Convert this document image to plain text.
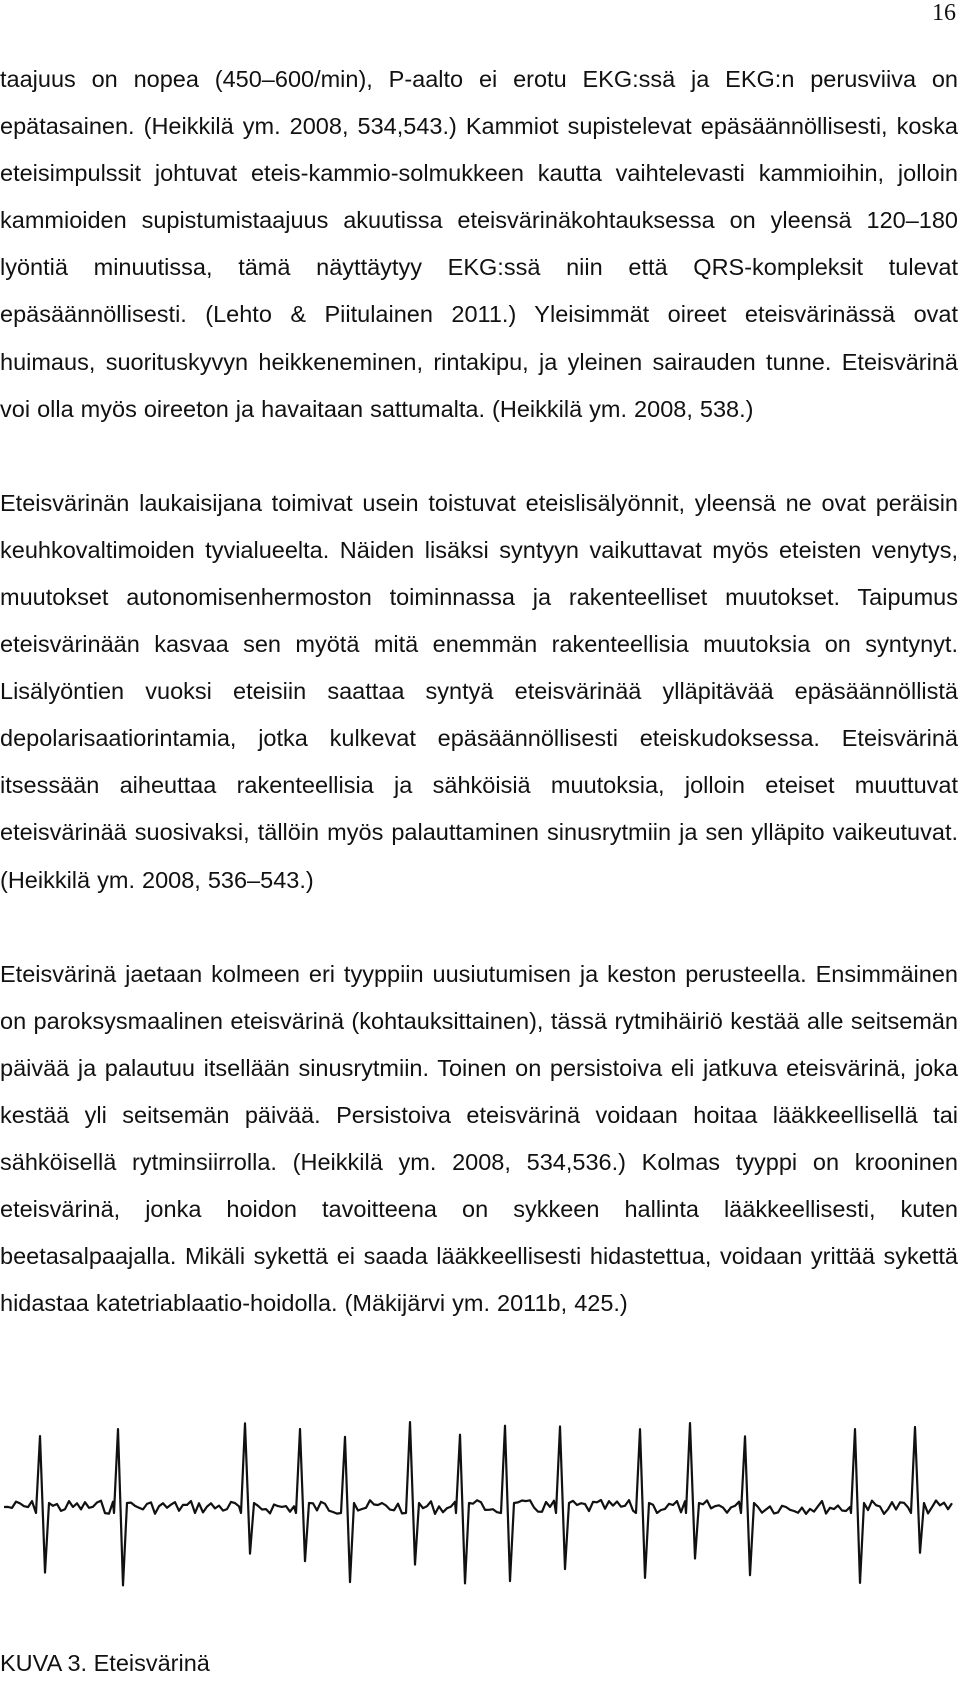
16

taajuus on nopea (450–600/min), P-aalto ei erotu EKG:ssä ja EKG:n perusviiva on epätasainen. (Heikkilä ym. 2008, 534,543.) Kammiot supistelevat epäsäännöllisesti, koska eteisimpulssit johtuvat eteis-kammio-solmukkeen kautta vaihtelevasti kammioihin, jolloin kammioiden supistumistaajuus akuutissa eteisvärinäkohtauksessa on yleensä 120–180 lyöntiä minuutissa, tämä näyttäytyy EKG:ssä niin että QRS-kompleksit tulevat epäsäännöllisesti. (Lehto & Piitulainen 2011.) Yleisimmät oireet eteisvärinässä ovat huimaus, suorituskyvyn heikkeneminen, rintakipu, ja yleinen sairauden tunne. Eteisvärinä voi olla myös oireeton ja havaitaan sattumalta. (Heikkilä ym. 2008, 538.)

Eteisvärinän laukaisijana toimivat usein toistuvat eteislisälyönnit, yleensä ne ovat peräisin keuhkovaltimoiden tyvialueelta. Näiden lisäksi syntyyn vaikuttavat myös eteisten venytys, muutokset autonomisenhermoston toiminnassa ja rakenteelliset muutokset. Taipumus eteisvärinään kasvaa sen myötä mitä enemmän rakenteellisia muutoksia on syntynyt. Lisälyöntien vuoksi eteisiin saattaa syntyä eteisvärinää ylläpitävää epäsäännöllistä depolarisaatiorintamia, jotka kulkevat epäsäännöllisesti eteiskudoksessa. Eteisvärinä itsessään aiheuttaa rakenteellisia ja sähköisiä muutoksia, jolloin eteiset muuttuvat eteisvärinää suosivaksi, tällöin myös palauttaminen sinusrytmiin ja sen ylläpito vaikeutuvat. (Heikkilä ym. 2008, 536–543.)

Eteisvärinä jaetaan kolmeen eri tyyppiin uusiutumisen ja keston perusteella. Ensimmäinen on paroksysmaalinen eteisvärinä (kohtauksittainen), tässä rytmihäiriö kestää alle seitsemän päivää ja palautuu itsellään sinusrytmiin. Toinen on persistoiva eli jatkuva eteisvärinä, joka kestää yli seitsemän päivää. Persistoiva eteisvärinä voidaan hoitaa lääkkeellisellä tai sähköisellä rytminsiirrolla. (Heikkilä ym. 2008, 534,536.) Kolmas tyyppi on krooninen eteisvärinä, jonka hoidon tavoitteena on sykkeen hallinta lääkkeellisesti, kuten beetasalpaajalla. Mikäli sykettä ei saada lääkkeellisesti hidastettua, voidaan yrittää sykettä hidastaa katetriablaatio-hoidolla. (Mäkijärvi ym. 2011b, 425.)

KUVA 3. Eteisvärinä
